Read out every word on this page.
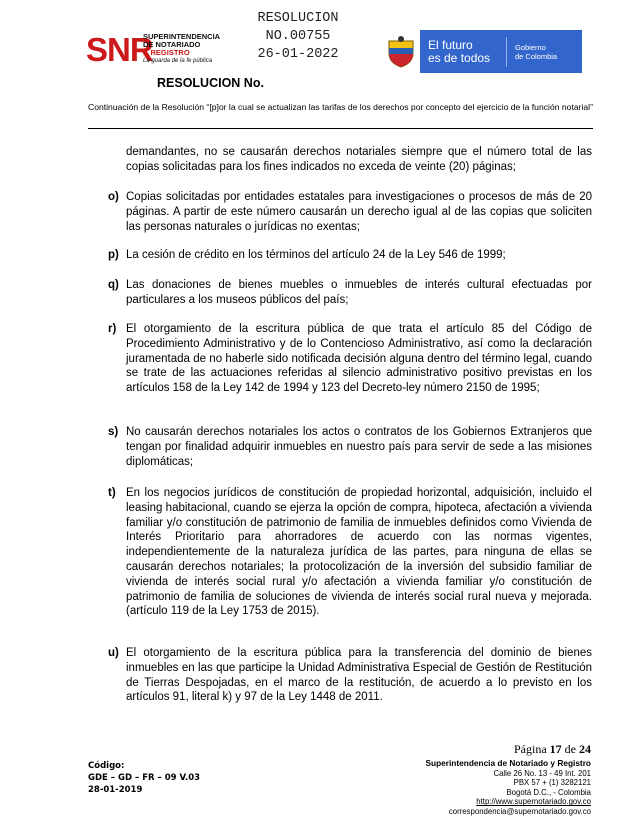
SNR
SUPERINTENDENCIA
DE NOTARIADO
& REGISTRO
La guarda de la fe pública
RESOLUCION
NO.00755
26-01-2022
RESOLUCION No.
El futuro
es de todos
Gobierno
de Colombia
Continuación de la Resolución “[p]or la cual se actualizan las tarifas de los derechos por concepto del ejercicio de la función notarial”
demandantes, no se causarán derechos notariales siempre que el número total de las copias solicitadas para los fines indicados no exceda de veinte (20) páginas;
o) Copias solicitadas por entidades estatales para investigaciones o procesos de más de 20 páginas. A partir de este número causarán un derecho igual al de las copias que soliciten las personas naturales o jurídicas no exentas;
p) La cesión de crédito en los términos del artículo 24 de la Ley 546 de 1999;
q) Las donaciones de bienes muebles o inmuebles de interés cultural efectuadas por particulares a los museos públicos del país;
r) El otorgamiento de la escritura pública de que trata el artículo 85 del Código de Procedimiento Administrativo y de lo Contencioso Administrativo, así como la declaración juramentada de no haberle sido notificada decisión alguna dentro del término legal, cuando se trate de las actuaciones referidas al silencio administrativo positivo previstas en los artículos 158 de la Ley 142 de 1994 y 123 del Decreto-ley número 2150 de 1995;
s) No causarán derechos notariales los actos o contratos de los Gobiernos Extranjeros que tengan por finalidad adquirir inmuebles en nuestro país para servir de sede a las misiones diplomáticas;
t) En los negocios jurídicos de constitución de propiedad horizontal, adquisición, incluido el leasing habitacional, cuando se ejerza la opción de compra, hipoteca, afectación a vivienda familiar y/o constitución de patrimonio de familia de inmuebles definidos como Vivienda de Interés Prioritario para ahorradores de acuerdo con las normas vigentes, independientemente de la naturaleza jurídica de las partes, para ninguna de ellas se causarán derechos notariales; la protocolización de la inversión del subsidio familiar de vivienda de interés social rural y/o afectación a vivienda familiar y/o constitución de patrimonio de familia de soluciones de vivienda de interés social rural nueva y mejorada. (artículo 119 de la Ley 1753 de 2015).
u) El otorgamiento de la escritura pública para la transferencia del dominio de bienes inmuebles en las que participe la Unidad Administrativa Especial de Gestión de Restitución de Tierras Despojadas, en el marco de la restitución, de acuerdo a lo previsto en los artículos 91, literal k) y 97 de la Ley 1448 de 2011.
Código:
GDE – GD – FR – 09 V.03
28-01-2019
Página 17 de 24
Superintendencia de Notariado y Registro
Calle 26 No. 13 - 49 Int. 201
PBX 57 + (1) 3282121
Bogotá D.C., - Colombia
http://www.supernotariado.gov.co
correspondencia@supernotariado.gov.co
